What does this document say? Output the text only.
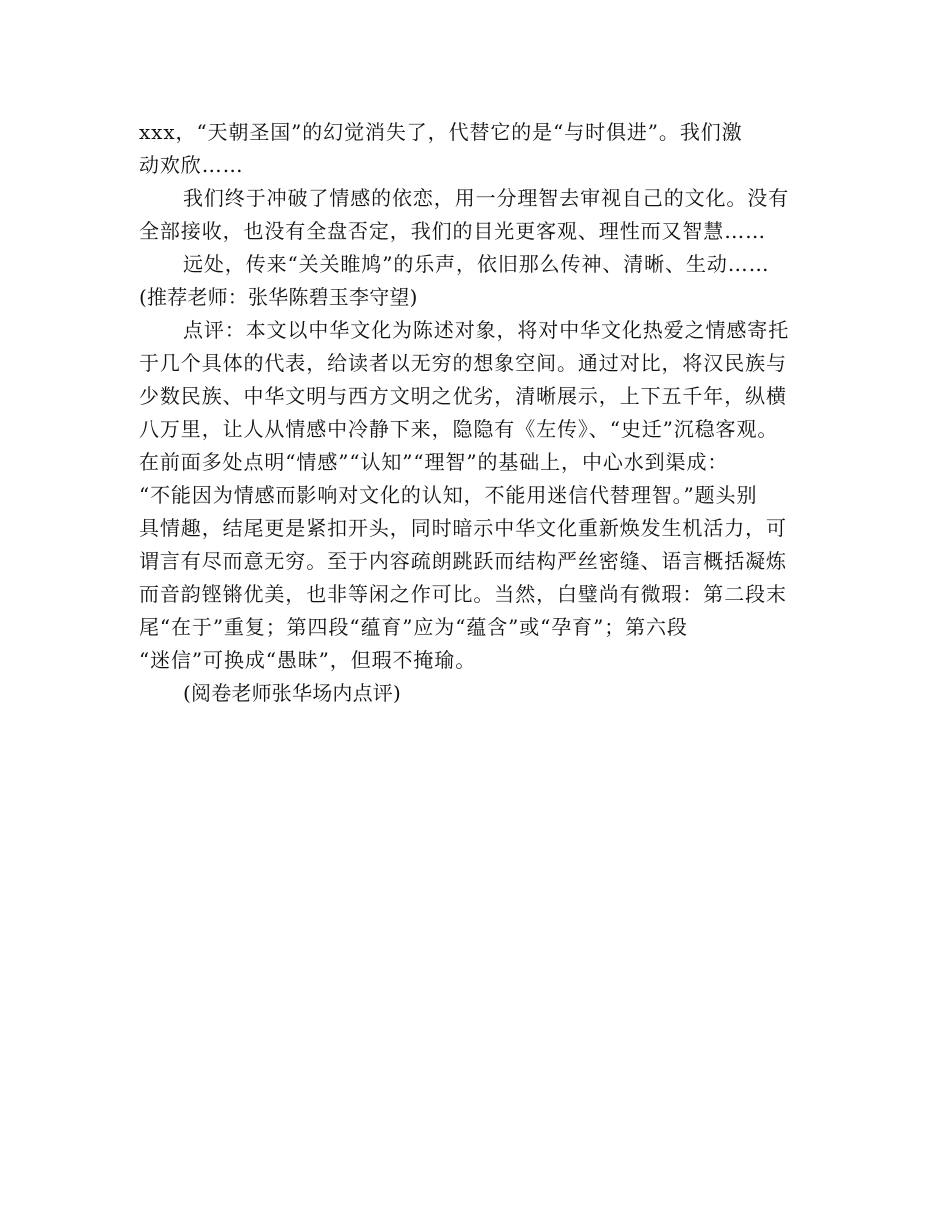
xxx，“天朝圣国”的幻觉消失了，代替它的是“与时俱进”。我们激
动欢欣……
我们终于冲破了情感的依恋，用一分理智去审视自己的文化。没有
全部接收，也没有全盘否定，我们的目光更客观、理性而又智慧……
远处，传来“关关睢鸠”的乐声，依旧那么传神、清晰、生动……
(推荐老师：张华陈碧玉李守望)
点评：本文以中华文化为陈述对象，将对中华文化热爱之情感寄托
于几个具体的代表，给读者以无穷的想象空间。通过对比，将汉民族与
少数民族、中华文明与西方文明之优劣，清晰展示，上下五千年，纵横
八万里，让人从情感中冷静下来，隐隐有《左传》、“史迁”沉稳客观。
在前面多处点明“情感”“认知”“理智”的基础上，中心水到渠成：
“不能因为情感而影响对文化的认知，不能用迷信代替理智。”题头别
具情趣，结尾更是紧扣开头，同时暗示中华文化重新焕发生机活力，可
谓言有尽而意无穷。至于内容疏朗跳跃而结构严丝密缝、语言概括凝炼
而音韵铿锵优美，也非等闲之作可比。当然，白璧尚有微瑕：第二段末
尾“在于”重复；第四段“蕴育”应为“蕴含”或“孕育”；第六段
“迷信”可换成“愚昧”，但瑕不掩瑜。
(阅卷老师张华场内点评)
